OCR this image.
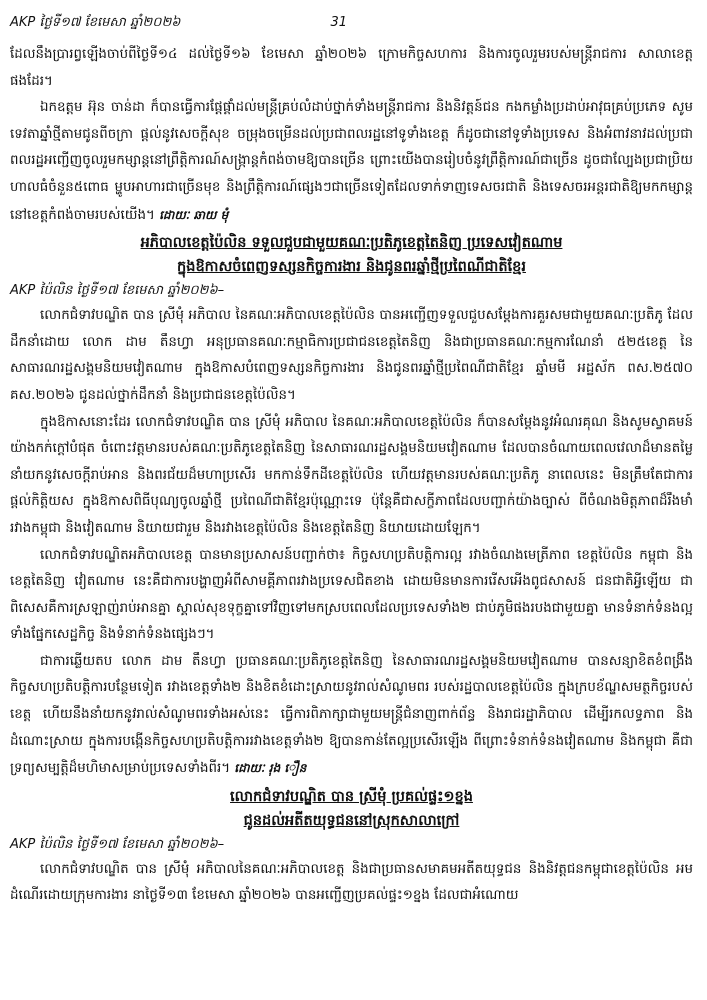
AKP ថ្ងៃទី១៧ ខែមេសា ឆ្នាំ២០២៦	31

ដែលនឹងប្រារព្វឡើងចាប់ពីថ្ងៃទី១៤ ដល់ថ្ងៃទី១៦ ខែមេសា ឆ្នាំ២០២៦ ក្រោមកិច្ចសហការ និងការចូលរួមរបស់មន្ត្រីរាជការ សាលាខេត្តផងដែរ។

ឯកឧត្តម អ៊ុន ចាន់ដា ក៏បានធ្វើការផ្តែផ្តាំដល់មន្ត្រីគ្រប់លំដាប់ថ្នាក់ទាំងមន្ត្រីរាជការ និងនិវត្តន៍ជន កងកម្លាំងប្រដាប់អាវុធគ្រប់ប្រភេទ សូមទេវតាឆ្នាំថ្មីតាមជូនពីចក្រា ផ្តល់នូវសេចក្តីសុខ ចម្រុងចម្រើនដល់ប្រជាពលរដ្ឋនៅទូទាំងខេត្ត ក៏ដូចជានៅទូទាំងប្រទេស និងអំពាវនាវដល់ប្រជាពលរដ្ឋអញ្ជើញចូលរួមកម្សាន្តនៅព្រឹត្តិការណ៍សង្ក្រាន្តកំពង់ចាមឱ្យបានច្រើន ព្រោះយើងបានរៀបចំនូវព្រឹត្តិការណ៍ជាច្រើន ដូចជាល្បែងប្រជាប្រិយ ហាលធំចំនួន៥ពោធ ម្ហូបអាហារជាច្រើនមុខ និងព្រឹត្តិការណ៍ផ្សេងៗជាច្រើនទៀតដែលទាក់ទាញទេសចរជាតិ និងទេសចរអន្តរជាតិឱ្យមកកម្សាន្តនៅខេត្តកំពង់ចាមរបស់យើង។ ដោយៈ ឆាយ មុំ

អភិបាលខេត្តប៉ៃលិន ទទួលជួបជាមួយគណៈប្រតិភូខេត្តតៃនិញ ប្រទេសវៀតណាម
ក្នុងឱកាសចំពេញទស្សនកិច្ចការងារ និងជូនពរឆ្នាំថ្មីប្រពៃណីជាតិខ្មែរ
AKP ប៉ៃលិន ថ្ងៃទី១៧ ខែមេសា ឆ្នាំ២០២៦–

លោកជំទាវបណ្ឌិត បាន ស្រីមុំ អភិបាល នៃគណៈអភិបាលខេត្តប៉ៃលិន បានអញ្ជើញទទួលជួបសម្តែងការគួរសមជាមួយគណៈប្រតិភូ ដែលដឹកនាំដោយ លោក ដាម តឹនហ្វា អនុប្រធានគណៈកម្មាធិការប្រជាជនខេត្តតៃនិញ និងជាប្រធានគណៈកម្មការណែនាំ ៥២៥ខេត្ត នៃសាធារណរដ្ឋសង្គមនិយមវៀតណាម ក្នុងឱកាសបំពេញទស្សនកិច្ចការងារ និងជូនពរឆ្នាំថ្មីប្រពៃណីជាតិខ្មែរ ឆ្នាំមមី អដ្ឋស័ក ពស.២៥៧០ គស.២០២៦ ជូនដល់ថ្នាក់ដឹកនាំ និងប្រជាជនខេត្តប៉ៃលិន។

ក្នុងឱកាសនោះដែរ លោកជំទាវបណ្ឌិត បាន ស្រីមុំ អភិបាល នៃគណៈអភិបាលខេត្តប៉ៃលិន ក៏បានសម្តែងនូវអំណរគុណ និងសូមស្វាគមន៍យ៉ាងកក់ក្តៅបំផុត ចំពោះវត្តមានរបស់គណៈប្រតិភូខេត្តតៃនិញ នៃសាធារណរដ្ឋសង្គមនិយមវៀតណាម ដែលបានចំណាយពេលវេលាដ៏មានតម្លៃ នាំយកនូវសេចក្តីរាប់អាន និងពរជ័យដ៏មហាប្រសើរ មកកាន់ទឹកដីខេត្តប៉ៃលិន ហើយវត្តមានរបស់គណៈប្រតិភូ នាពេលនេះ មិនត្រឹមតែជាការផ្តល់កិត្តិយស ក្នុងឱកាសពិធីបុណ្យចូលឆ្នាំថ្មី ប្រពៃណីជាតិខ្មែរប៉ុណ្ណោះទេ ប៉ុន្តែគឺជាសក្ខីភាពដែលបញ្ជាក់យ៉ាងច្បាស់ ពីចំណងមិត្តភាពដ៏រឹងមាំ រវាងកម្ពុជា និងវៀតណាម និយាយជារួម និងរវាងខេត្តប៉ៃលិន និងខេត្តតៃនិញ និយាយដោយឡែក។

លោកជំទាវបណ្ឌិតអភិបាលខេត្ត បានមានប្រសាសន៍បញ្ជាក់ថា៖ កិច្ចសហប្រតិបត្តិការល្អ រវាងចំណងមេត្រីភាព ខេត្តប៉ៃលិន កម្ពុជា និងខេត្តតៃនិញ វៀតណាម នេះគឺជាការបង្ហាញអំពីសាមគ្គីភាពរវាងប្រទេសជិតខាង ដោយមិនមានការរើសអើងពូជសាសន៍ ជនជាតិអ្វីឡើយ ជាពិសេសគឺការស្រឡាញ់រាប់អានគ្នា ស្គាល់សុខទុក្ខគ្នាទៅវិញទៅមកស្របពេលដែលប្រទេសទាំង២ ជាប់ភូមិផងរបងជាមួយគ្នា មានទំនាក់ទំនងល្អ ទាំងផ្នែកសេដ្ឋកិច្ច និងទំនាក់ទំនងផ្សេងៗ។

ជាការឆ្លើយតប លោក ដាម តឹនហ្វា ប្រធានគណៈប្រតិភូខេត្តតៃនិញ នៃសាធារណរដ្ឋសង្គមនិយមវៀតណាម បានសន្យាខិតខំពង្រឹងកិច្ចសហប្រតិបត្តិការបន្ថែមទៀត រវាងខេត្តទាំង២ និងខិតខំដោះស្រាយនូវរាល់សំណូមពរ របស់រដ្ឋបាលខេត្តប៉ៃលិន ក្នុងក្របខ័ណ្ឌសមត្ថកិច្ចរបស់ខេត្ត ហើយនឹងនាំយកនូវរាល់សំណូមពរទាំងអស់នេះ ធ្វើការពិភាក្សាជាមួយមន្ត្រីជំនាញពាក់ព័ន្ធ និងរាជរដ្ឋាភិបាល ដើម្បីរកលទ្ធភាព និងដំណោះស្រាយ ក្នុងការបង្កើនកិច្ចសហប្រតិបត្តិការរវាងខេត្តទាំង២ ឱ្យបានកាន់តែល្អប្រសើរឡើង ពីព្រោះទំនាក់ទំនងវៀតណាម និងកម្ពុជា គឺជាទ្រព្យសម្បត្តិដ៏មហិមាសម្រាប់ប្រទេសទាំងពីរ។ ដោយៈ រុង ឿន

លោកជំទាវបណ្ឌិត បាន ស្រីមុំ ប្រគល់ផ្ទះ១ខ្នង
ជូនដល់អតីតយុទ្ធជននៅស្រុកសាលាក្រៅ
AKP ប៉ៃលិន ថ្ងៃទី១៧ ខែមេសា ឆ្នាំ២០២៦–

លោកជំទាវបណ្ឌិត បាន ស្រីមុំ អភិបាលនៃគណៈអភិបាលខេត្ត និងជាប្រធានសមាគមអតីតយុទ្ធជន និងនិវត្តជនកម្ពុជាខេត្តប៉ៃលិន អមដំណើរដោយក្រុមការងារ នាថ្ងៃទី១៣ ខែមេសា ឆ្នាំ២០២៦ បានអញ្ជើញប្រគល់ផ្ទះ១ខ្នង ដែលជាអំណោយ
